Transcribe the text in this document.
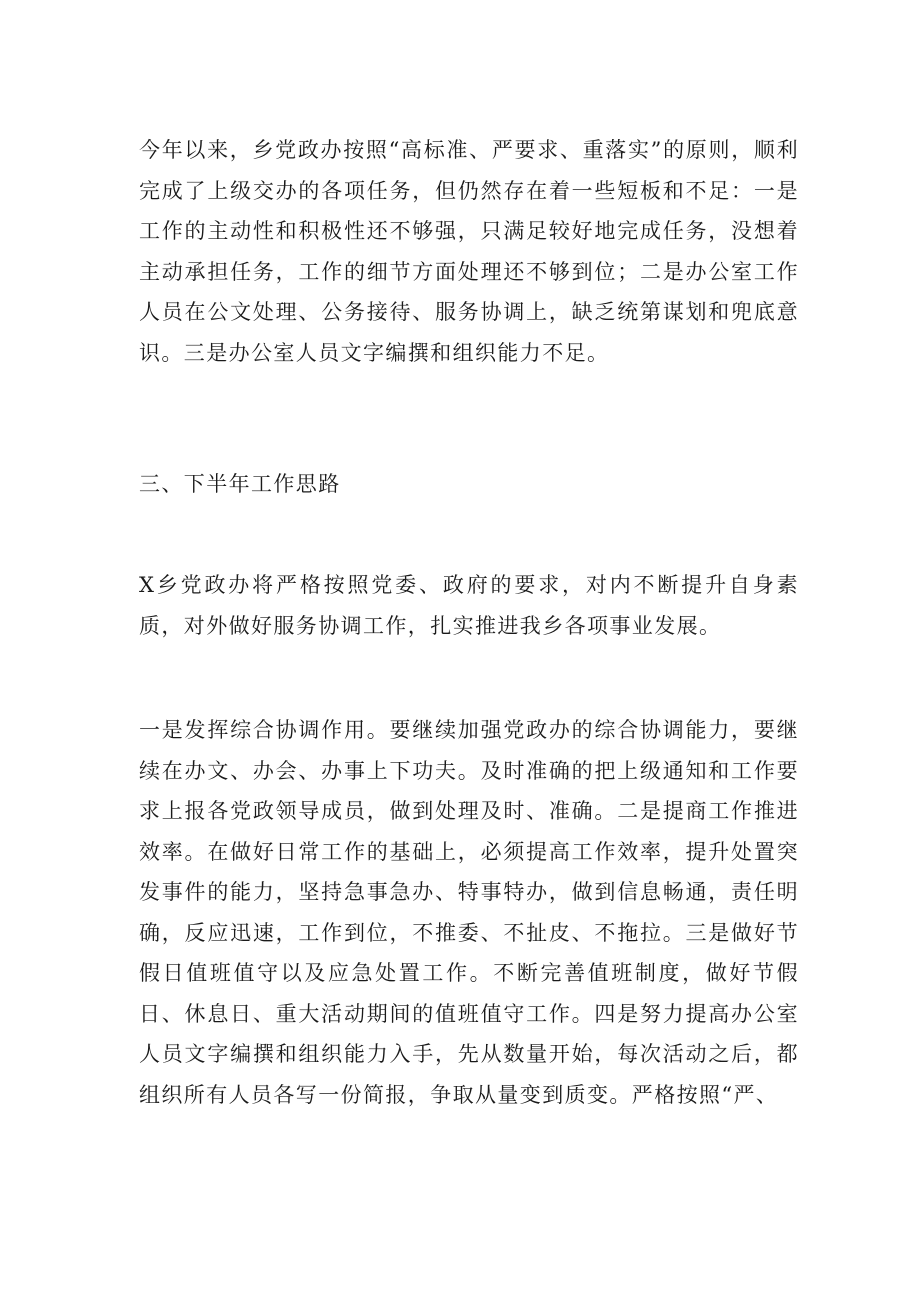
今年以来，乡党政办按照“高标准、严要求、重落实”的原则，顺利完成了上级交办的各项任务，但仍然存在着一些短板和不足：一是工作的主动性和积极性还不够强，只满足较好地完成任务，没想着主动承担任务，工作的细节方面处理还不够到位；二是办公室工作人员在公文处理、公务接待、服务协调上，缺乏统第谋划和兜底意识。三是办公室人员文字编撰和组织能力不足。

三、下半年工作思路

X乡党政办将严格按照党委、政府的要求，对内不断提升自身素质，对外做好服务协调工作，扎实推进我乡各项事业发展。

一是发挥综合协调作用。要继续加强党政办的综合协调能力，要继续在办文、办会、办事上下功夫。及时准确的把上级通知和工作要求上报各党政领导成员，做到处理及时、准确。二是提商工作推进效率。在做好日常工作的基础上，必须提高工作效率，提升处置突发事件的能力，坚持急事急办、特事特办，做到信息畅通，责任明确，反应迅速，工作到位，不推委、不扯皮、不拖拉。三是做好节假日值班值守以及应急处置工作。不断完善值班制度，做好节假日、休息日、重大活动期间的值班值守工作。四是努力提高办公室人员文字编撰和组织能力入手，先从数量开始，每次活动之后，都组织所有人员各写一份简报，争取从量变到质变。严格按照“严、
